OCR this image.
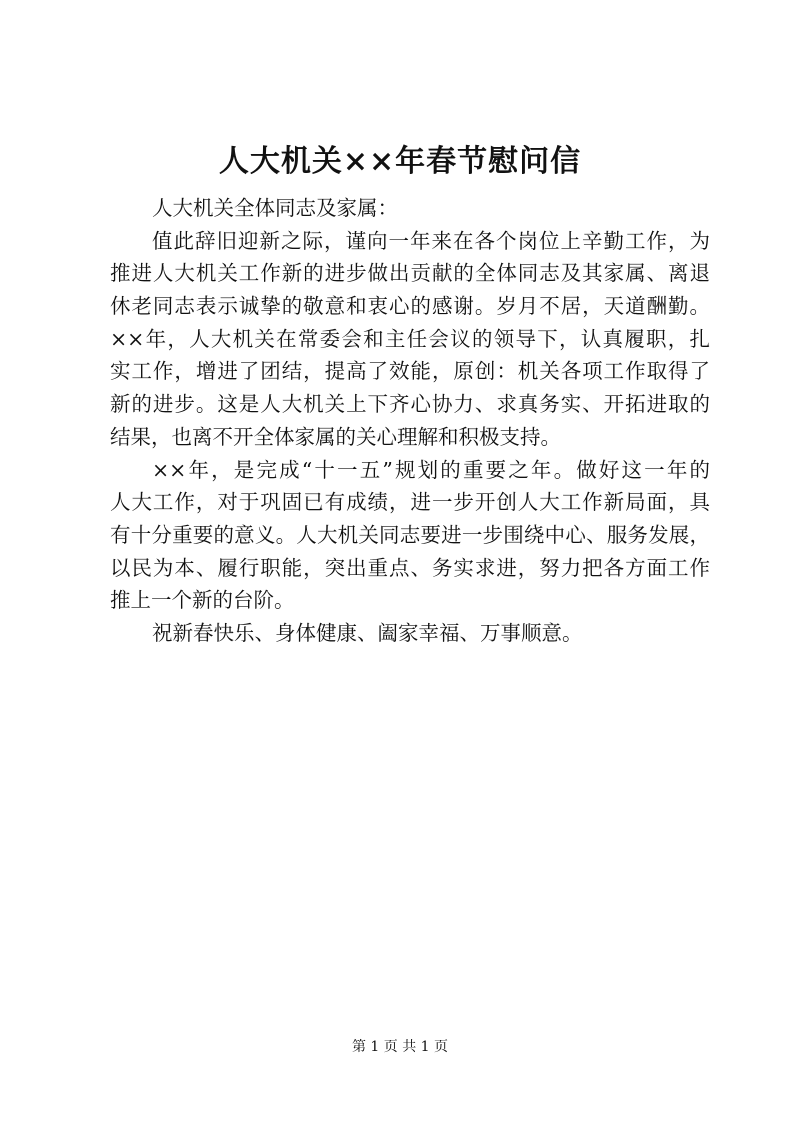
人大机关××年春节慰问信
人大机关全体同志及家属：
值此辞旧迎新之际，谨向一年来在各个岗位上辛勤工作，为
推进人大机关工作新的进步做出贡献的全体同志及其家属、离退
休老同志表示诚挚的敬意和衷心的感谢。岁月不居，天道酬勤。
××年，人大机关在常委会和主任会议的领导下，认真履职，扎
实工作，增进了团结，提高了效能，原创：机关各项工作取得了
新的进步。这是人大机关上下齐心协力、求真务实、开拓进取的
结果，也离不开全体家属的关心理解和积极支持。
××年，是完成“十一五”规划的重要之年。做好这一年的
人大工作，对于巩固已有成绩，进一步开创人大工作新局面，具
有十分重要的意义。人大机关同志要进一步围绕中心、服务发展，
以民为本、履行职能，突出重点、务实求进，努力把各方面工作
推上一个新的台阶。
祝新春快乐、身体健康、阖家幸福、万事顺意。
第 1 页 共 1 页
